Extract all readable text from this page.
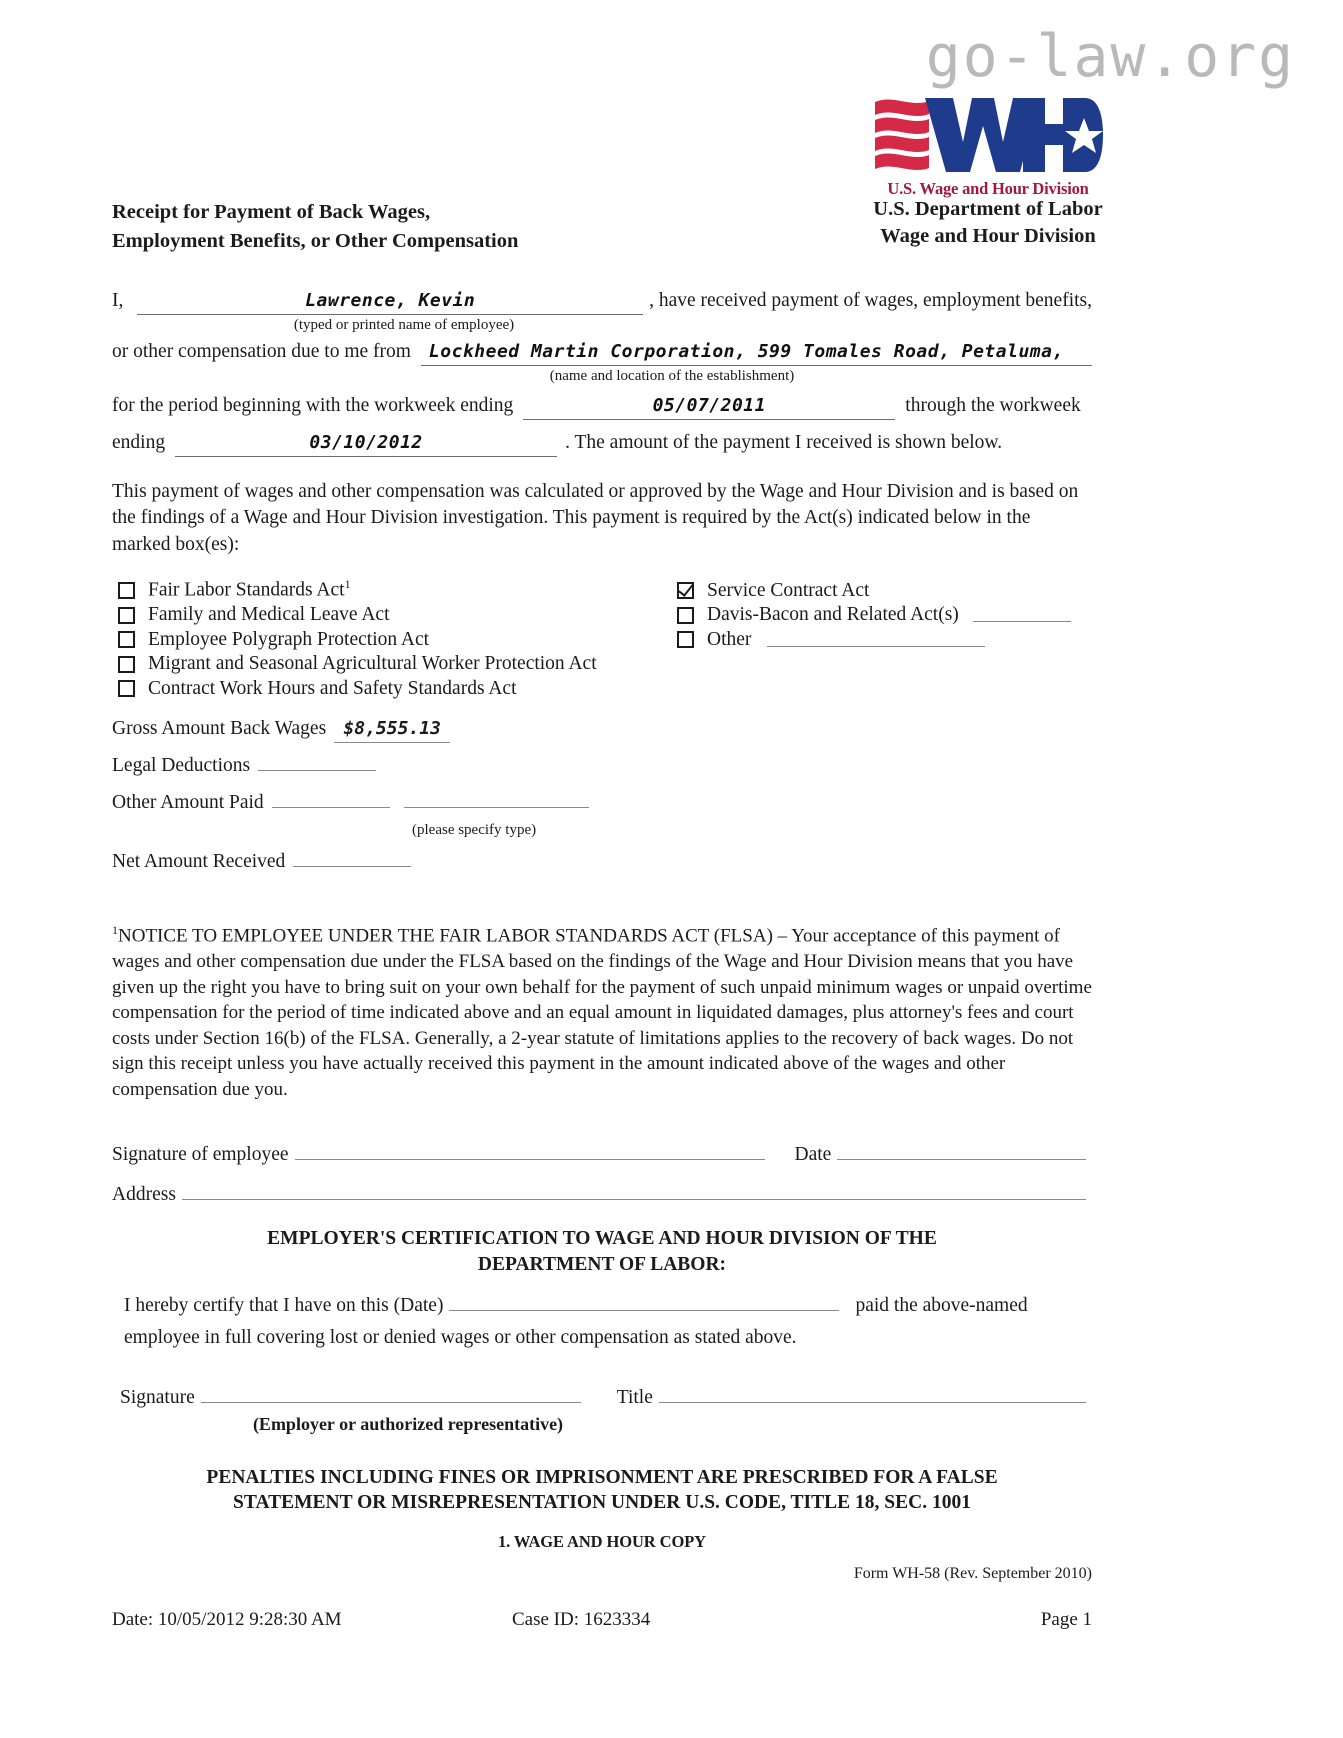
go-law.org
U.S. Wage and Hour Division
U.S. Department of Labor
Wage and Hour Division
Receipt for Payment of Back Wages,
Employment Benefits, or Other Compensation
I,	Lawrence, Kevin	, have received payment of wages, employment benefits,
(typed or printed name of employee)
or other compensation due to me from	Lockheed Martin Corporation, 599 Tomales Road, Petaluma,
(name and location of the establishment)
for the period beginning with the workweek ending	05/07/2011	through the workweek
ending	03/10/2012	. The amount of the payment I received is shown below.
This payment of wages and other compensation was calculated or approved by the Wage and Hour Division and is based on the findings of a Wage and Hour Division investigation. This payment is required by the Act(s) indicated below in the marked box(es):
Fair Labor Standards Act$^1$
Family and Medical Leave Act
Employee Polygraph Protection Act
Migrant and Seasonal Agricultural Worker Protection Act
Contract Work Hours and Safety Standards Act
Service Contract Act
Davis-Bacon and Related Act(s)
Other
Gross Amount Back Wages $8,555.13
Legal Deductions
Other Amount Paid
(please specify type)
Net Amount Received
$^1$NOTICE TO EMPLOYEE UNDER THE FAIR LABOR STANDARDS ACT (FLSA) – Your acceptance of this payment of wages and other compensation due under the FLSA based on the findings of the Wage and Hour Division means that you have given up the right you have to bring suit on your own behalf for the payment of such unpaid minimum wages or unpaid overtime compensation for the period of time indicated above and an equal amount in liquidated damages, plus attorney's fees and court costs under Section 16(b) of the FLSA. Generally, a 2-year statute of limitations applies to the recovery of back wages. Do not sign this receipt unless you have actually received this payment in the amount indicated above of the wages and other compensation due you.
Signature of employee	Date
Address
EMPLOYER'S CERTIFICATION TO WAGE AND HOUR DIVISION OF THE
DEPARTMENT OF LABOR:
I hereby certify that I have on this (Date)	paid the above-named
employee in full covering lost or denied wages or other compensation as stated above.
Signature	Title
(Employer or authorized representative)
PENALTIES INCLUDING FINES OR IMPRISONMENT ARE PRESCRIBED FOR A FALSE
STATEMENT OR MISREPRESENTATION UNDER U.S. CODE, TITLE 18, SEC. 1001
1. WAGE AND HOUR COPY
Form WH-58 (Rev. September 2010)
Date: 10/05/2012 9:28:30 AM	Case ID: 1623334	Page 1
